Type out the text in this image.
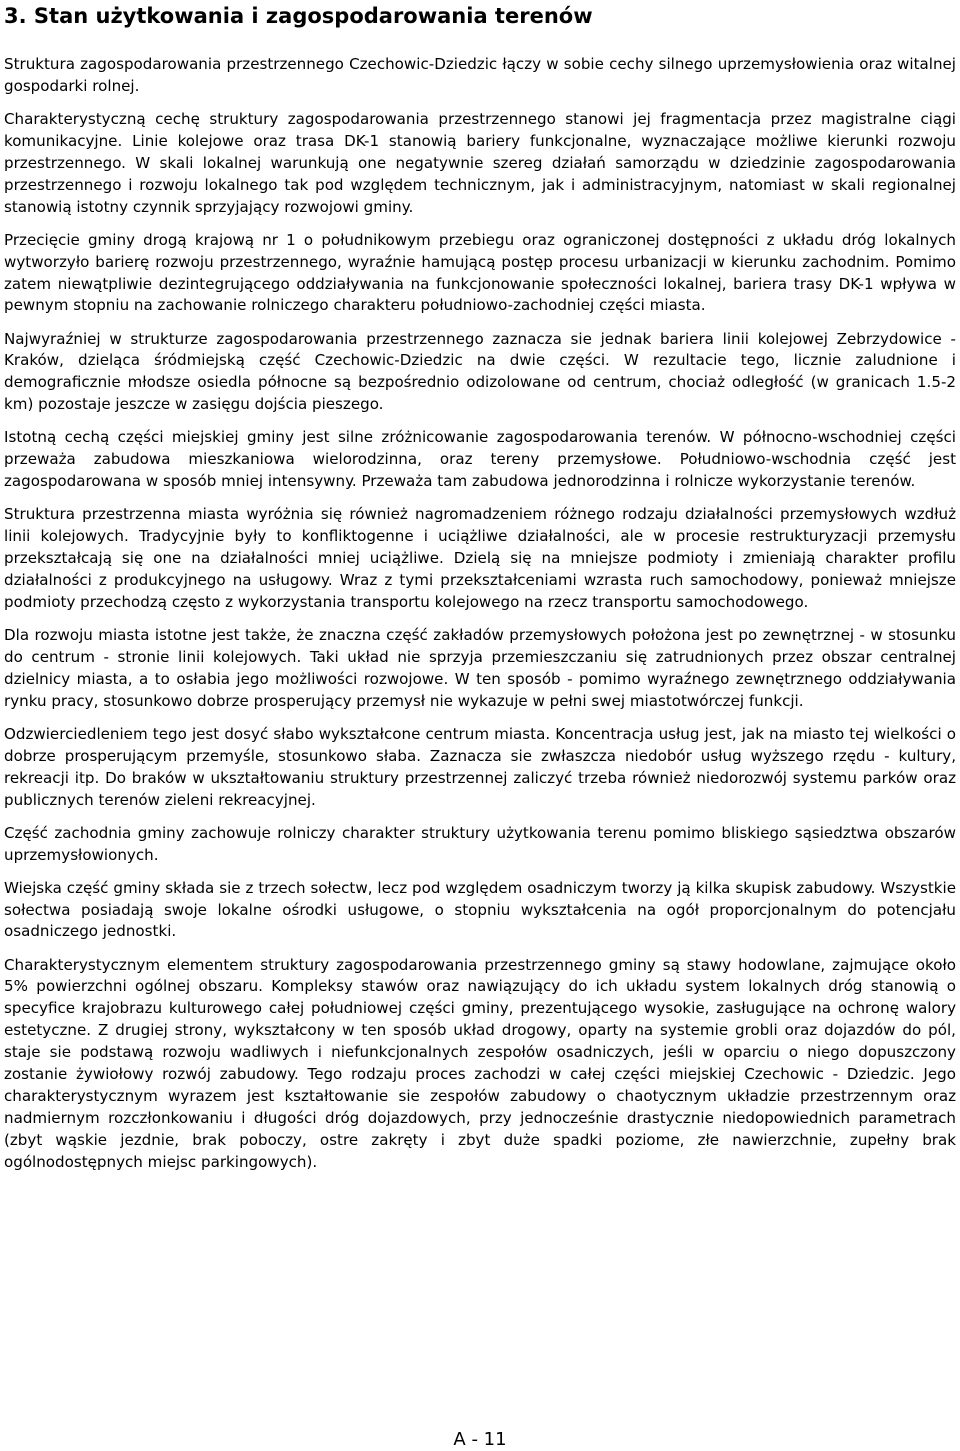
3. Stan użytkowania i zagospodarowania terenów

Struktura zagospodarowania przestrzennego Czechowic-Dziedzic łączy w sobie cechy silnego uprzemysłowienia oraz witalnej gospodarki rolnej.

Charakterystyczną cechę struktury zagospodarowania przestrzennego stanowi jej fragmentacja przez magistralne ciągi komunikacyjne. Linie kolejowe oraz trasa DK-1 stanowią bariery funkcjonalne, wyznaczające możliwe kierunki rozwoju przestrzennego. W skali lokalnej warunkują one negatywnie szereg działań samorządu w dziedzinie zagospodarowania przestrzennego i rozwoju lokalnego tak pod względem technicznym, jak i administracyjnym, natomiast w skali regionalnej stanowią istotny czynnik sprzyjający rozwojowi gminy.

Przecięcie gminy drogą krajową nr 1 o południkowym przebiegu oraz ograniczonej dostępności z układu dróg lokalnych wytworzyło barierę rozwoju przestrzennego, wyraźnie hamującą postęp procesu urbanizacji w kierunku zachodnim. Pomimo zatem niewątpliwie dezintegrującego oddziaływania na funkcjonowanie społeczności lokalnej, bariera trasy DK-1 wpływa w pewnym stopniu na zachowanie rolniczego charakteru południowo-zachodniej części miasta.

Najwyraźniej w strukturze zagospodarowania przestrzennego zaznacza sie jednak bariera linii kolejowej Zebrzydowice - Kraków, dzieląca śródmiejską część Czechowic-Dziedzic na dwie części. W rezultacie tego, licznie zaludnione i demograficznie młodsze osiedla północne są bezpośrednio odizolowane od centrum, chociaż odległość (w granicach 1.5-2 km) pozostaje jeszcze w zasięgu dojścia pieszego.

Istotną cechą części miejskiej gminy jest silne zróżnicowanie zagospodarowania terenów. W północno-wschodniej części przeważa zabudowa mieszkaniowa wielorodzinna, oraz tereny przemysłowe. Południowo-wschodnia część jest zagospodarowana w sposób mniej intensywny. Przeważa tam zabudowa jednorodzinna i rolnicze wykorzystanie terenów.

Struktura przestrzenna miasta wyróżnia się również nagromadzeniem różnego rodzaju działalności przemysłowych wzdłuż linii kolejowych. Tradycyjnie były to konfliktogenne i uciążliwe działalności, ale w procesie restrukturyzacji przemysłu przekształcają się one na działalności mniej uciążliwe. Dzielą się na mniejsze podmioty i zmieniają charakter profilu działalności z produkcyjnego na usługowy. Wraz z tymi przekształceniami wzrasta ruch samochodowy, ponieważ mniejsze podmioty przechodzą często z wykorzystania transportu kolejowego na rzecz transportu samochodowego.

Dla rozwoju miasta istotne jest także, że znaczna część zakładów przemysłowych położona jest po zewnętrznej - w stosunku do centrum - stronie linii kolejowych. Taki układ nie sprzyja przemieszczaniu się zatrudnionych przez obszar centralnej dzielnicy miasta, a to osłabia jego możliwości rozwojowe. W ten sposób - pomimo wyraźnego zewnętrznego oddziaływania rynku pracy, stosunkowo dobrze prosperujący przemysł nie wykazuje w pełni swej miastotwórczej funkcji.

Odzwierciedleniem tego jest dosyć słabo wykształcone centrum miasta. Koncentracja usług jest, jak na miasto tej wielkości o dobrze prosperującym przemyśle, stosunkowo słaba. Zaznacza sie zwłaszcza niedobór usług wyższego rzędu - kultury, rekreacji itp. Do braków w ukształtowaniu struktury przestrzennej zaliczyć trzeba również niedorozwój systemu parków oraz publicznych terenów zieleni rekreacyjnej.

Część zachodnia gminy zachowuje rolniczy charakter struktury użytkowania terenu pomimo bliskiego sąsiedztwa obszarów uprzemysłowionych.

Wiejska część gminy składa sie z trzech sołectw, lecz pod względem osadniczym tworzy ją kilka skupisk zabudowy. Wszystkie sołectwa posiadają swoje lokalne ośrodki usługowe, o stopniu wykształcenia na ogół proporcjonalnym do potencjału osadniczego jednostki.

Charakterystycznym elementem struktury zagospodarowania przestrzennego gminy są stawy hodowlane, zajmujące około 5% powierzchni ogólnej obszaru. Kompleksy stawów oraz nawiązujący do ich układu system lokalnych dróg stanowią o specyfice krajobrazu kulturowego całej południowej części gminy, prezentującego wysokie, zasługujące na ochronę walory estetyczne. Z drugiej strony, wykształcony w ten sposób układ drogowy, oparty na systemie grobli oraz dojazdów do pól, staje sie podstawą rozwoju wadliwych i niefunkcjonalnych zespołów osadniczych, jeśli w oparciu o niego dopuszczony zostanie żywiołowy rozwój zabudowy. Tego rodzaju proces zachodzi w całej części miejskiej Czechowic - Dziedzic. Jego charakterystycznym wyrazem jest kształtowanie sie zespołów zabudowy o chaotycznym układzie przestrzennym oraz nadmiernym rozczłonkowaniu i długości dróg dojazdowych, przy jednocześnie drastycznie niedopowiednich parametrach (zbyt wąskie jezdnie, brak poboczy, ostre zakręty i zbyt duże spadki poziome, złe nawierzchnie, zupełny brak ogólnodostępnych miejsc parkingowych).

A - 11
